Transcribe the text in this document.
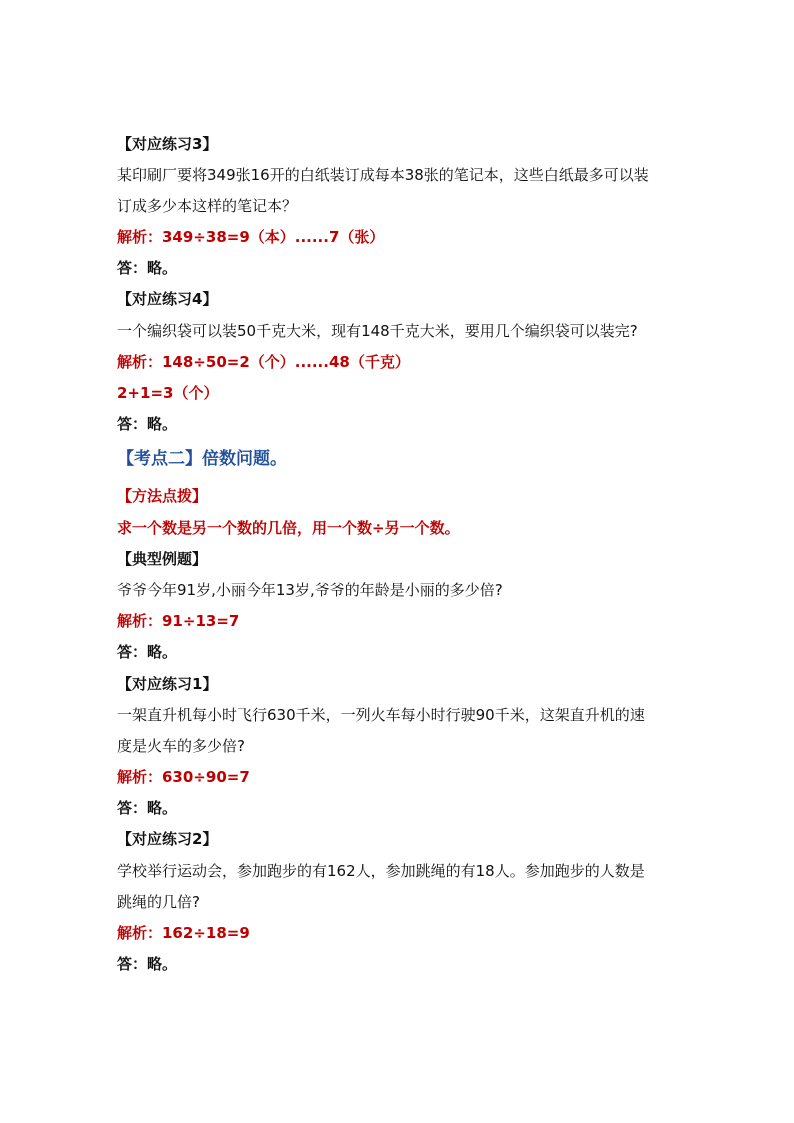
【对应练习3】
某印刷厂要将349张16开的白纸装订成每本38张的笔记本，这些白纸最多可以装
订成多少本这样的笔记本？
解析：349÷38=9（本）......7（张）
答：略。
【对应练习4】
一个编织袋可以装50千克大米，现有148千克大米，要用几个编织袋可以装完?
解析：148÷50=2（个）......48（千克）
2+1=3（个）
答：略。
【考点二】倍数问题。
【方法点拨】
求一个数是另一个数的几倍，用一个数÷另一个数。
【典型例题】
爷爷今年91岁,小丽今年13岁,爷爷的年龄是小丽的多少倍?
解析：91÷13=7
答：略。
【对应练习1】
一架直升机每小时飞行630千米，一列火车每小时行驶90千米，这架直升机的速
度是火车的多少倍?
解析：630÷90=7
答：略。
【对应练习2】
学校举行运动会，参加跑步的有162人，参加跳绳的有18人。参加跑步的人数是
跳绳的几倍?
解析：162÷18=9
答：略。
